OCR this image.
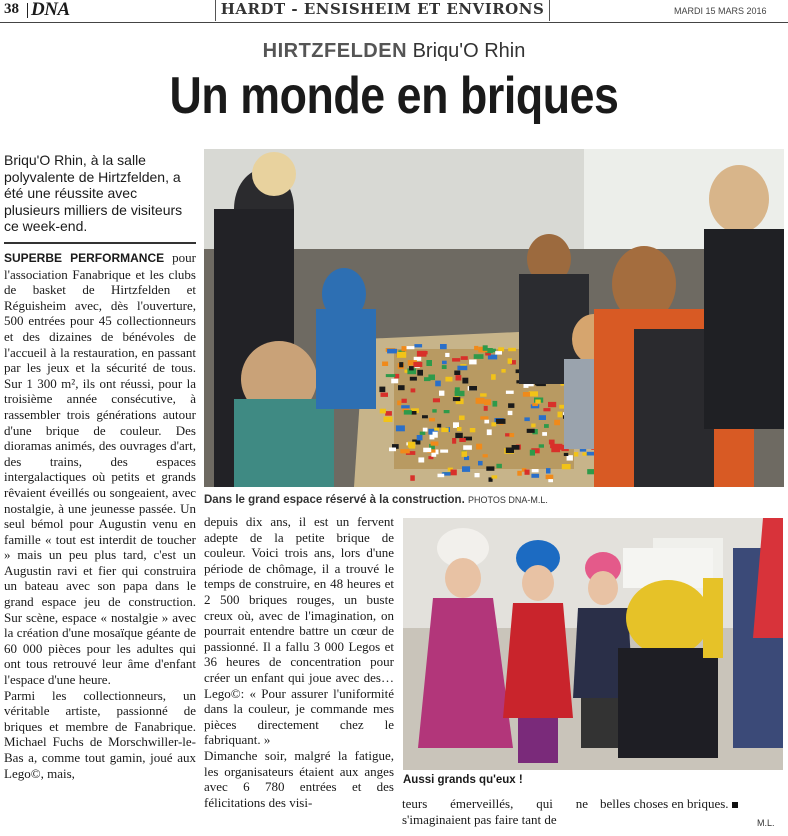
38 DNA	HARDT - ENSISHEIM ET ENVIRONS	MARDI 15 MARS 2016
HIRTZFELDEN Briqu'O Rhin
Un monde en briques
Briqu'O Rhin, à la salle polyvalente de Hirtzfelden, a été une réussite avec plusieurs milliers de visiteurs ce week-end.
SUPERBE PERFORMANCE pour l'association Fanabrique et les clubs de basket de Hirtzfelden et Réguisheim avec, dès l'ouverture, 500 entrées pour 45 collectionneurs et des dizaines de bénévoles de l'accueil à la restauration, en passant par les jeux et la sécurité de tous. Sur 1 300 m², ils ont réussi, pour la troisième année consécutive, à rassembler trois générations autour d'une brique de couleur. Des dioramas animés, des ouvrages d'art, des trains, des espaces intergalactiques où petits et grands rêvaient éveillés ou songeaient, avec nostalgie, à une jeunesse passée. Un seul bémol pour Augustin venu en famille « tout est interdit de toucher » mais un peu plus tard, c'est un Augustin ravi et fier qui construira un bateau avec son papa dans le grand espace jeu de construction. Sur scène, espace « nostalgie » avec la création d'une mosaïque géante de 60 000 pièces pour les adultes qui ont tous retrouvé leur âme d'enfant l'espace d'une heure.
Parmi les collectionneurs, un véritable artiste, passionné de briques et membre de Fanabrique. Michael Fuchs de Morschwiller-le-Bas a, comme tout gamin, joué aux Lego©, mais,
Dans le grand espace réservé à la construction. PHOTOS DNA-M.L.
depuis dix ans, il est un fervent adepte de la petite brique de couleur. Voici trois ans, lors d'une période de chômage, il a trouvé le temps de construire, en 48 heures et 2 500 briques rouges, un buste creux où, avec de l'imagination, on pourrait entendre battre un cœur de passionné. Il a fallu 3 000 Legos et 36 heures de concentration pour créer un enfant qui joue avec des… Lego©: « Pour assurer l'uniformité dans la couleur, je commande mes pièces directement chez le fabriquant. »
Dimanche soir, malgré la fatigue, les organisateurs étaient aux anges avec 6 780 entrées et des félicitations des visi-
Aussi grands qu'eux !
teurs émerveillés, qui ne s'imaginaient pas faire tant de
belles choses en briques.
M.L.
